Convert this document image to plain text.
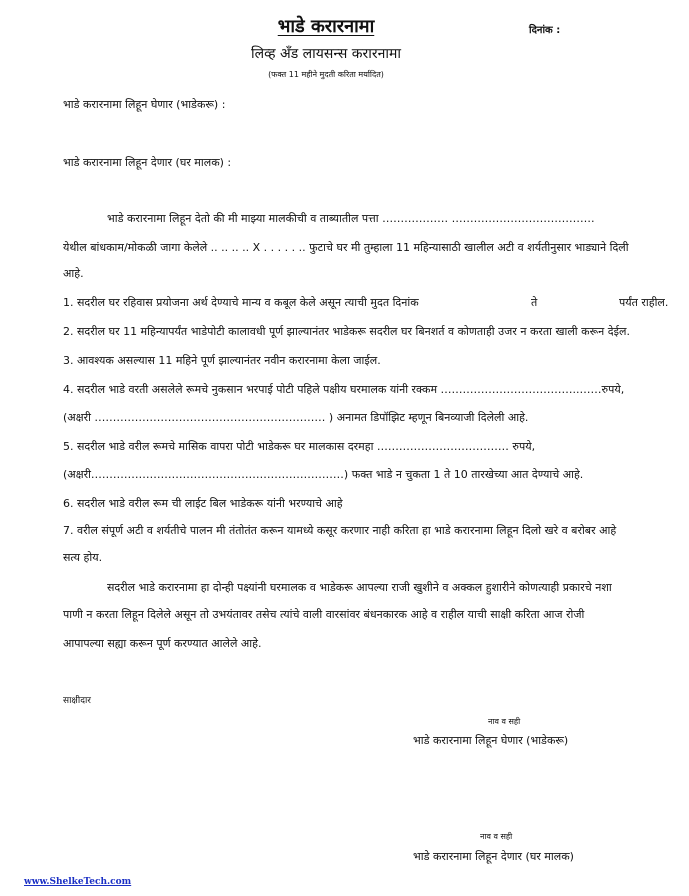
भाडे करारनामा	दिनांक :
लिव्ह अँड लायसन्स करारनामा
(फक्त 11 महीने मुदती करिता मर्यादित)
भाडे करारनामा लिहून घेणार (भाडेकरू) :
भाडे करारनामा लिहून देणार (घर मालक) :
भाडे करारनामा लिहून देतो की मी माझ्या मालकीची व ताब्यातील पत्ता ……………… …………………………………
येथील बांधकाम/मोकळी जागा केलेले .. .. .. .. X . . . . . .. फुटाचे घर मी तुम्हाला 11 महिन्यासाठी खालील अटी व शर्यतीनुसार भाड्याने दिली
आहे.
1. सदरील घर रहिवास प्रयोजना अर्थ देण्याचे मान्य व कबूल केले असून त्याची मुदत दिनांक	ते	पर्यंत राहील.
2. सदरील घर 11 महिन्यापर्यंत भाडेपोटी कालावधी पूर्ण झाल्यानंतर भाडेकरू सदरील घर बिनशर्त व कोणताही उजर न करता खाली करून देईल.
3. आवश्यक असल्यास 11 महिने पूर्ण झाल्यानंतर नवीन करारनामा केला जाईल.
4. सदरील भाडे वरती असलेले रूमचे नुकसान भरपाई पोटी पहिले पक्षीय घरमालक यांनी रक्कम ………………………………..……रुपये,
(अक्षरी ……………………………………………………… ) अनामत डिपॉझिट म्हणून बिनव्याजी दिलेली आहे.
5. सदरील भाडे वरील रूमचे मासिक वापरा पोटी भाडेकरू घर मालकास दरमहा ……………………………… रुपये,
(अक्षरी……………………………………………………………) फक्त भाडे न चुकता 1 ते 10 तारखेच्या आत देण्याचे आहे.
6. सदरील भाडे वरील रूम ची लाईट बिल भाडेकरू यांनी भरण्याचे आहे
7. वरील संपूर्ण अटी व शर्यतीचे पालन मी तंतोतंत करून यामध्ये कसूर करणार नाही करिता हा भाडे करारनामा लिहून दिलो खरे व बरोबर आहे
सत्य होय.
सदरील भाडे करारनामा हा दोन्ही पक्ष्यांनी घरमालक व भाडेकरू आपल्या राजी खुशीने व अक्कल हुशारीने कोणत्याही प्रकारचे नशा
पाणी न करता लिहून दिलेले असून तो उभयंतावर तसेच त्यांचे वाली वारसांवर बंधनकारक आहे व राहील याची साक्षी करिता आज रोजी
आपापल्या सह्या करून पूर्ण करण्यात आलेले आहे.
साक्षीदार
नाव व सही
भाडे करारनामा लिहून घेणार (भाडेकरू)
नाव व सही
भाडे करारनामा लिहून देणार (घर मालक)
www.ShelkeTech.com
